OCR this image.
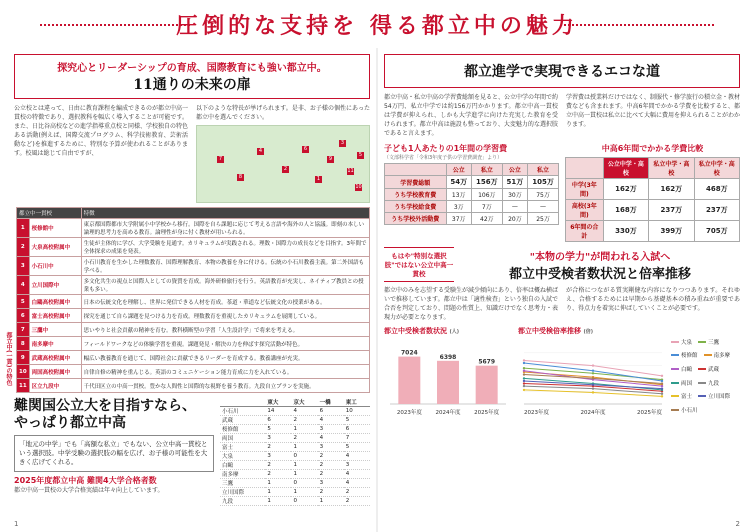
圧倒的な支持を 得る都立中の魅力
探究心とリーダーシップの育成、国際教育にも強い都立中。
11通りの未来の扉
公立校とは違って、日由に教育課程を編成できるのが都立中高一貫校の特徴であり、選択教科を幅広く導入することが可能です。また、日比谷高校などの進学指導重点校と同様、学校独自の特色ある活動(例えば、国際交流プログラム、科学技術教育、芸術活動など)を推進するために、特別な予算が使われることがあります。校風は総じて自由ですが、
以下のような特長が挙げられます。是非、お子様の個性にあった都立中を選んでください。
7
8
4
2
6
1
9
3
11
5
10
都立中(一貫)の特色
都立中一貫校		特徴
1	桜修館中	東京都国際都市大学附属小中学校から移行。国際を自ら課題に応じて考える言語や海外の人と協議。即刻の本しい論理的思考力を高める教育。論理性が身に付く教材が用いられる。
2	大泉高校附属中	生徒が主体的に学び、大学受験を見通す。カリキュラムが実践される。理数・国際力の成長などを目指す。3年間で全体探求の成果を発表。
3	小石川中	小石川教育を生かした理数教育、国際理解教育、本物の教養を身に付ける。伝統の小石川教養主義。第二外国語も学べる。
4	立川国際中	多文化共生の視点と国際人としての資質を育成。海外研修旅行を行う。英語教育が充実し、ネイティブ教員との授業も多い。
5	白鷗高校附属中	日本の伝統文化を理解し、世界に発信できる人材を育成。茶道・華道など伝統文化の授業がある。
6	富士高校附属中	探究を通じて自ら課題を見つける力を育成。理数教育を重視したカリキュラムを展開している。
7	三鷹中	思いやりと社会貢献の精神を育む。教科横断型の学習「人生設計学」で将来を考える。
8	南多摩中	フィールドワークなどの体験学習を重視。課題発見・解決の力を伸ばす探究活動が特色。
9	武蔵高校附属中	幅広い教養教育を通じて、国際社会に貢献できるリーダーを育成する。教養講座が充実。
10	両国高校附属中	自律自修の精神を重んじる。英語のコミュニケーション能力育成に力を入れている。
11	区立九段中	千代田区立の中高一貫校。豊かな人間性と国際的な視野を養う教育。九段自立プランを実施。
難関国公立大を目指すなら、
やっぱり都立中高
「地元の中学」でも「高額な私立」でもない、公立中高一貫校という選択肢。中学受験の選択肢の幅を広げ、お子様の可能性を大きく広げてくれる。
2025年度都立中高 難関4大学合格者数
都立中高一貫校の大学合格実績は年々向上しています。
	東大	京大	一橋	東工
小石川	14	4	6	10
武蔵	6	2	4	5
桜修館	5	1	3	6
両国	3	2	4	7
富士	2	1	3	5
大泉	3	0	2	4
白鷗	2	1	2	3
南多摩	2	1	2	4
三鷹	1	0	3	4
立川国際	1	1	2	2
九段	1	0	1	2
1
都立進学で実現できるエコな道
都立中高・私立中高の学習費総額を見ると、公立中学の年間で約54万円、私立中学では約156万円かかります。都立中高一貫校は学費が抑えられ、しかも大学進学に向けた充実した教育を受けられます。都立中高は施設も整っており、大変魅力的な選択肢であると言えます。
学習費は授業料だけではなく、制服代・修学旅行の積立金・教材費なども含まれます。中高6年間でかかる学費を比較すると、都立中高一貫校は私立に比べて大幅に費用を抑えられることがわかります。
子ども1人あたりの1年間の学習費
（文部科学省「令和3年度子供の学習費調査」より）
	公立	私立	公立	私立
学習費総額	54万	156万	51万	105万
うち学校教育費	13万	106万	30万	75万
うち学校給食費	3万	7万	—	—
うち学校外活動費	37万	42万	20万	25万
中高6年間でかかる学費比較
	公立中学・高校	私立中学・高校	私立中学・高校
中学(3年間)	162万	162万	468万
高校(3年間)	168万	237万	237万
6年間の合計	330万	399万	705万
もはや"特別な選択肢"ではない公立中高一貫校
"本物の学力"が問われる入試へ
都立中受検者数状況と倍率推移
都立中のみを志望する受験生が減少傾向にあり、倍率は概ね横ばいで推移しています。都立中は「適性検査」という独自の入試で合否を判定しており、問題の性質上、知識だけでなく思考力・表現力が必要となります。
が合格につながる質実剛健な内容になりつつあります。それゆえ、合格するためには早期から基礎基本の積み重ねが重要であり、得点力を着実に伸ばしていくことが必要です。
都立中受検者数状況 (人)
7024
2023年度
6398
2024年度
5679
2025年度
都立中受検倍率推移 (倍)
2023年度	2024年度	2025年度
大泉	三鷹
桜修館	南多摩
白鷗	武蔵
両国	九段
富士	立川国際
小石川
2
